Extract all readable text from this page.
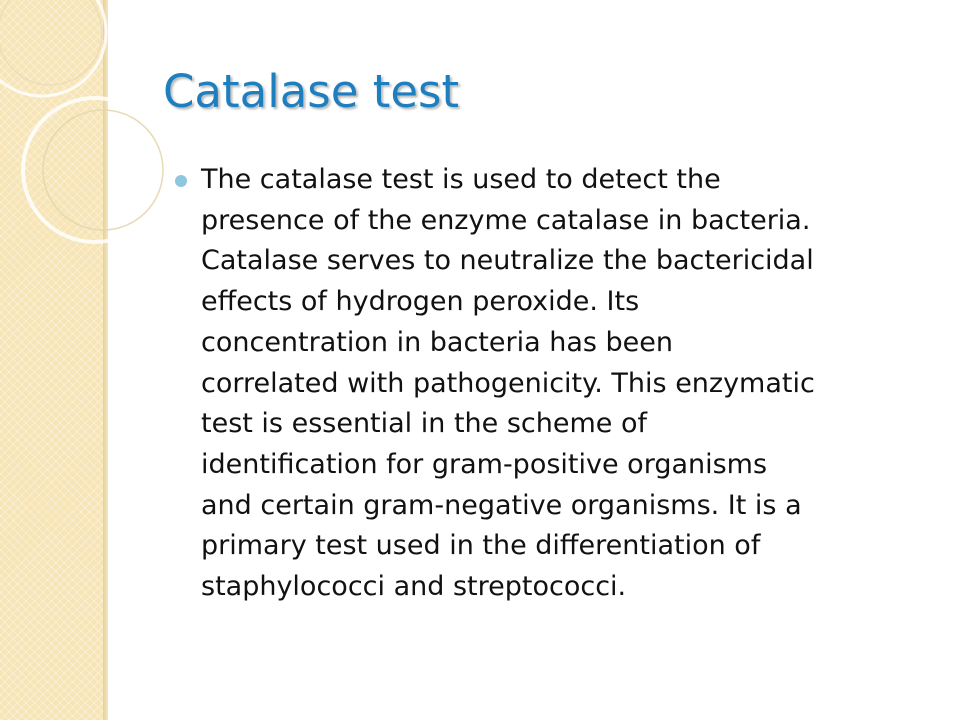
Catalase test

The catalase test is used to detect the
presence of the enzyme catalase in bacteria.
Catalase serves to neutralize the bactericidal
effects of hydrogen peroxide. Its
concentration in bacteria has been
correlated with pathogenicity. This enzymatic
test is essential in the scheme of
identification for gram-positive organisms
and certain gram-negative organisms. It is a
primary test used in the differentiation of
staphylococci and streptococci.
